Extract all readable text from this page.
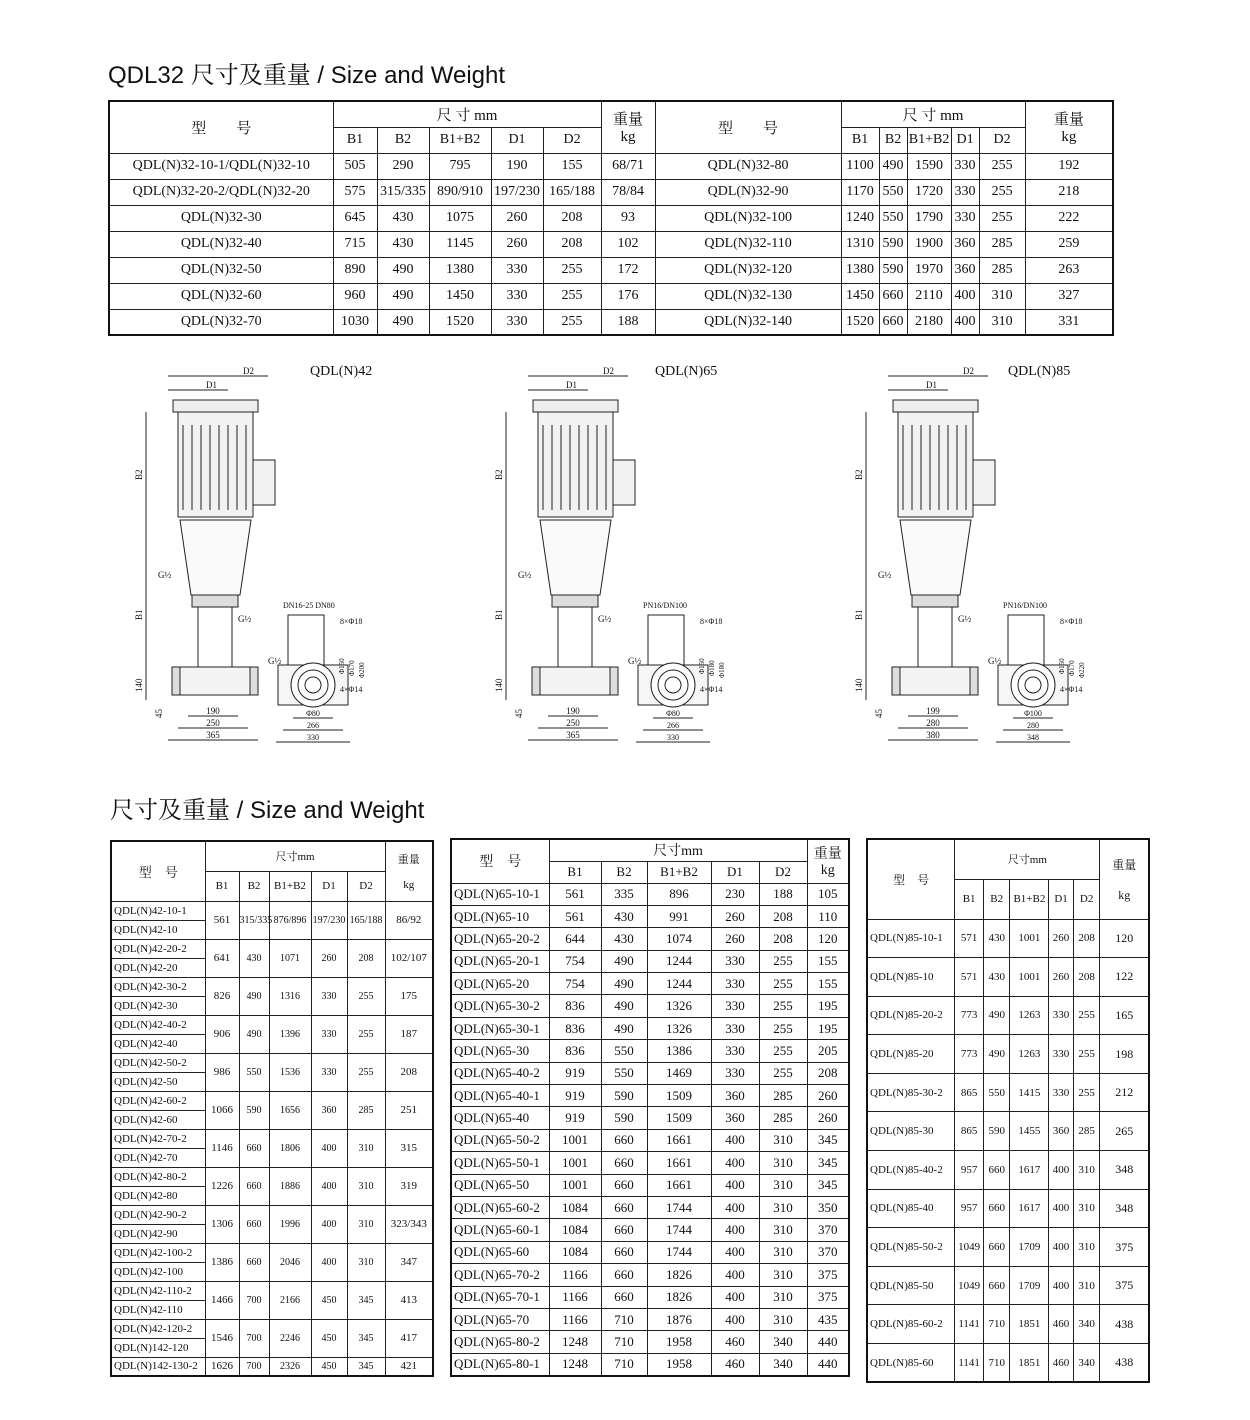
QDL32 尺寸及重量 / Size and Weight
型　　号	尺 寸 mm					重量
kg	型　　号	尺 寸 mm					重量
kg
	B1	B2	B1+B2	D1	D2			B1	B2	B1+B2	D1	D2	
QDL(N)32-10-1/QDL(N)32-10	505	290	795	190	155	68/71	QDL(N)32-80	1100	490	1590	330	255	192
QDL(N)32-20-2/QDL(N)32-20	575	315/335	890/910	197/230	165/188	78/84	QDL(N)32-90	1170	550	1720	330	255	218
QDL(N)32-30	645	430	1075	260	208	93	QDL(N)32-100	1240	550	1790	330	255	222
QDL(N)32-40	715	430	1145	260	208	102	QDL(N)32-110	1310	590	1900	360	285	259
QDL(N)32-50	890	490	1380	330	255	172	QDL(N)32-120	1380	590	1970	360	285	263
QDL(N)32-60	960	490	1450	330	255	176	QDL(N)32-130	1450	660	2110	400	310	327
QDL(N)32-70	1030	490	1520	330	255	188	QDL(N)32-140	1520	660	2180	400	310	331
D2
D1
B2
B1
140
45
G½
G½
G½
190
250
365
DN16-25 DN80
8×Φ18
4×Φ14
Φ150 Φ170 Φ200
Φ80
266
330
D2
D1
B2
B1
140
45
G½
G½
G½
190
250
365
PN16/DN100
8×Φ18
4×Φ14
Φ150 Φ180 Φ180
Φ80
266
330
D2
D1
B2
B1
140
45
G½
G½
G½
199
280
380
PN16/DN100
8×Φ18
4×Φ14
Φ150 Φ170 Φ220
Φ100
280
348
尺寸及重量 / Size and Weight
型　号	尺寸mm					重量

kg
	B1	B2	B1+B2	D1	D2	
QDL(N)42-10-1	561	315/335	876/896	197/230	165/188	86/92
QDL(N)42-10						
QDL(N)42-20-2	641	430	1071	260	208	102/107
QDL(N)42-20						
QDL(N)42-30-2	826	490	1316	330	255	175
QDL(N)42-30						
QDL(N)42-40-2	906	490	1396	330	255	187
QDL(N)42-40						
QDL(N)42-50-2	986	550	1536	330	255	208
QDL(N)42-50						
QDL(N)42-60-2	1066	590	1656	360	285	251
QDL(N)42-60						
QDL(N)42-70-2	1146	660	1806	400	310	315
QDL(N)42-70						
QDL(N)42-80-2	1226	660	1886	400	310	319
QDL(N)42-80						
QDL(N)42-90-2	1306	660	1996	400	310	323/343
QDL(N)42-90						
QDL(N)42-100-2	1386	660	2046	400	310	347
QDL(N)42-100						
QDL(N)42-110-2	1466	700	2166	450	345	413
QDL(N)42-110						
QDL(N)42-120-2	1546	700	2246	450	345	417
QDL(N)142-120						
QDL(N)142-130-2	1626	700	2326	450	345	421
型　号	尺寸mm					重量
kg
	B1	B2	B1+B2	D1	D2	
QDL(N)65-10-1	561	335	896	230	188	105
QDL(N)65-10	561	430	991	260	208	110
QDL(N)65-20-2	644	430	1074	260	208	120
QDL(N)65-20-1	754	490	1244	330	255	155
QDL(N)65-20	754	490	1244	330	255	155
QDL(N)65-30-2	836	490	1326	330	255	195
QDL(N)65-30-1	836	490	1326	330	255	195
QDL(N)65-30	836	550	1386	330	255	205
QDL(N)65-40-2	919	550	1469	330	255	208
QDL(N)65-40-1	919	590	1509	360	285	260
QDL(N)65-40	919	590	1509	360	285	260
QDL(N)65-50-2	1001	660	1661	400	310	345
QDL(N)65-50-1	1001	660	1661	400	310	345
QDL(N)65-50	1001	660	1661	400	310	345
QDL(N)65-60-2	1084	660	1744	400	310	350
QDL(N)65-60-1	1084	660	1744	400	310	370
QDL(N)65-60	1084	660	1744	400	310	370
QDL(N)65-70-2	1166	660	1826	400	310	375
QDL(N)65-70-1	1166	660	1826	400	310	375
QDL(N)65-70	1166	710	1876	400	310	435
QDL(N)65-80-2	1248	710	1958	460	340	440
QDL(N)65-80-1	1248	710	1958	460	340	440
型　号	尺寸mm					重量

kg
	B1	B2	B1+B2	D1	D2	
QDL(N)85-10-1	571	430	1001	260	208	120
QDL(N)85-10	571	430	1001	260	208	122
QDL(N)85-20-2	773	490	1263	330	255	165
QDL(N)85-20	773	490	1263	330	255	198
QDL(N)85-30-2	865	550	1415	330	255	212
QDL(N)85-30	865	590	1455	360	285	265
QDL(N)85-40-2	957	660	1617	400	310	348
QDL(N)85-40	957	660	1617	400	310	348
QDL(N)85-50-2	1049	660	1709	400	310	375
QDL(N)85-50	1049	660	1709	400	310	375
QDL(N)85-60-2	1141	710	1851	460	340	438
QDL(N)85-60	1141	710	1851	460	340	438
QDL(N)42	QDL(N)65	QDL(N)85
